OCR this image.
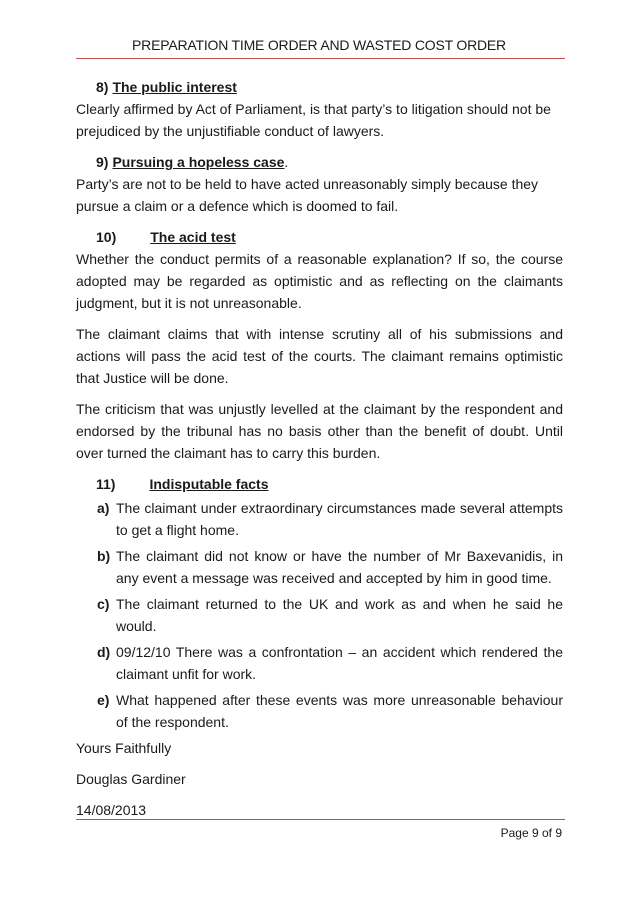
PREPARATION TIME ORDER AND WASTED COST ORDER
8) The public interest

Clearly affirmed by Act of Parliament, is that party’s to litigation should not be prejudiced by the unjustifiable conduct of lawyers.

9) Pursuing a hopeless case.

Party’s are not to be held to have acted unreasonably simply because they pursue a claim or a defence which is doomed to fail.

10) The acid test

Whether the conduct permits of a reasonable explanation? If so, the course adopted may be regarded as optimistic and as reflecting on the claimants judgment, but it is not unreasonable.

The claimant claims that with intense scrutiny all of his submissions and actions will pass the acid test of the courts. The claimant remains optimistic that Justice will be done.

The criticism that was unjustly levelled at the claimant by the respondent and endorsed by the tribunal has no basis other than the benefit of doubt. Until over turned the claimant has to carry this burden.

11) Indisputable facts
a) The claimant under extraordinary circumstances made several attempts to get a flight home.
b) The claimant did not know or have the number of Mr Baxevanidis, in any event a message was received and accepted by him in good time.
c) The claimant returned to the UK and work as and when he said he would.
d) 09/12/10 There was a confrontation – an accident which rendered the claimant unfit for work.
e) What happened after these events was more unreasonable behaviour of the respondent.

Yours Faithfully

Douglas Gardiner

14/08/2013

Page 9 of 9
